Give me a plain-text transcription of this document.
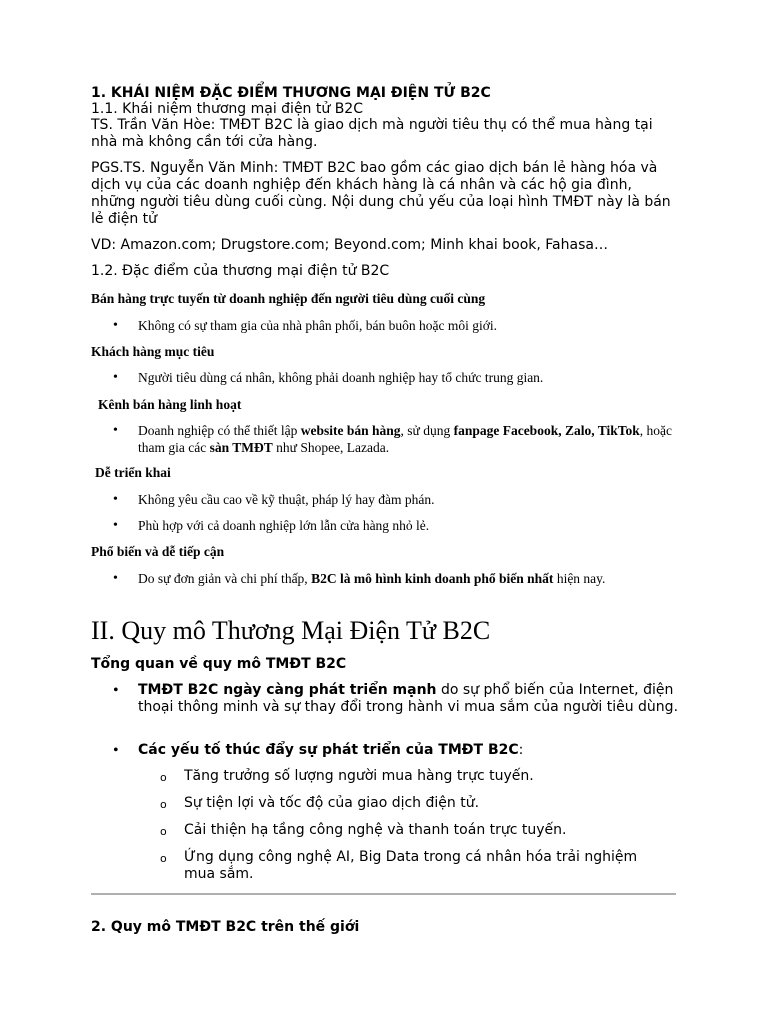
1. KHÁI NIỆM ĐẶC ĐIỂM THƯƠNG MẠI ĐIỆN TỬ B2C
1.1. Khái niệm thương mại điện tử B2C
TS. Trần Văn Hòe: TMĐT B2C là giao dịch mà người tiêu thụ có thể mua hàng tại nhà mà không cần tới cửa hàng.
PGS.TS. Nguyễn Văn Minh: TMĐT B2C bao gồm các giao dịch bán lẻ hàng hóa và dịch vụ của các doanh nghiệp đến khách hàng là cá nhân và các hộ gia đình, những người tiêu dùng cuối cùng. Nội dung chủ yếu của loại hình TMĐT này là bán lẻ điện tử
VD: Amazon.com; Drugstore.com; Beyond.com; Minh khai book, Fahasa…
1.2. Đặc điểm của thương mại điện tử B2C
Bán hàng trực tuyến từ doanh nghiệp đến người tiêu dùng cuối cùng
• Không có sự tham gia của nhà phân phối, bán buôn hoặc môi giới.
Khách hàng mục tiêu
• Người tiêu dùng cá nhân, không phải doanh nghiệp hay tổ chức trung gian.
Kênh bán hàng linh hoạt
• Doanh nghiệp có thể thiết lập website bán hàng, sử dụng fanpage Facebook, Zalo, TikTok, hoặc tham gia các sàn TMĐT như Shopee, Lazada.
Dễ triển khai
• Không yêu cầu cao về kỹ thuật, pháp lý hay đàm phán.
• Phù hợp với cả doanh nghiệp lớn lẫn cửa hàng nhỏ lẻ.
Phổ biến và dễ tiếp cận
• Do sự đơn giản và chi phí thấp, B2C là mô hình kinh doanh phổ biến nhất hiện nay.
II. Quy mô Thương Mại Điện Tử B2C
Tổng quan về quy mô TMĐT B2C
• TMĐT B2C ngày càng phát triển mạnh do sự phổ biến của Internet, điện thoại thông minh và sự thay đổi trong hành vi mua sắm của người tiêu dùng.
• Các yếu tố thúc đẩy sự phát triển của TMĐT B2C:
o Tăng trưởng số lượng người mua hàng trực tuyến.
o Sự tiện lợi và tốc độ của giao dịch điện tử.
o Cải thiện hạ tầng công nghệ và thanh toán trực tuyến.
o Ứng dụng công nghệ AI, Big Data trong cá nhân hóa trải nghiệm mua sắm.
2. Quy mô TMĐT B2C trên thế giới
